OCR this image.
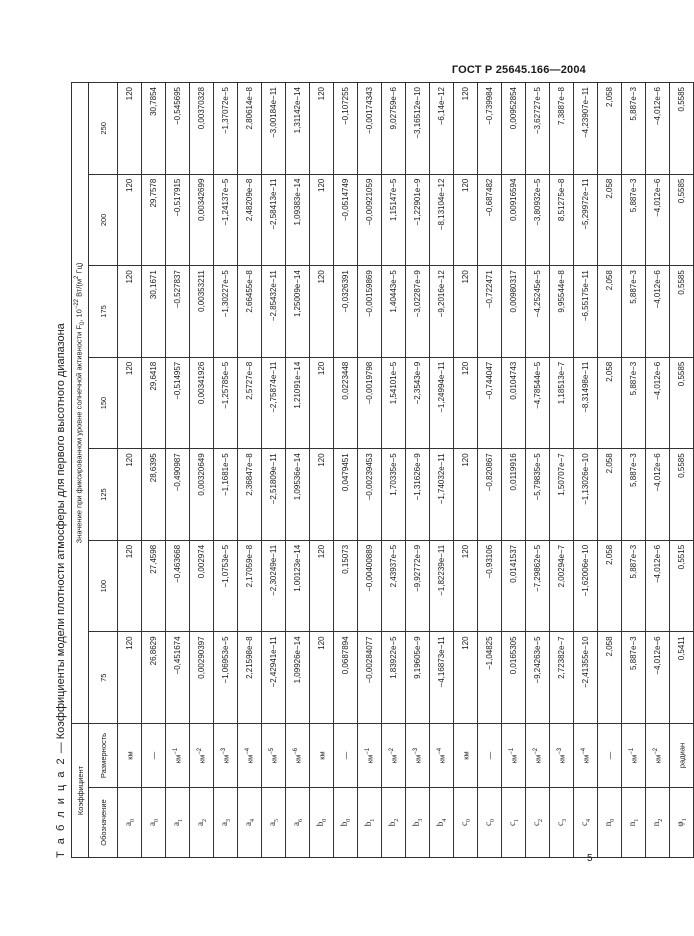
ГОСТ Р 25645.166—2004
Т а б л и ц а 2 — Коэффициенты модели плотности атмосферы для первого высотного диапазона
Коэффициент		Значение при фиксированном уровне солнечной активности $F_0$, $10^{-22}$ $Вт/(м^2$ Гц)						
Обозначение	Размерность							
		75	100	125	150	175	200	250
$a_0$	км	120	120	120	120	120	120	120
$a_0$	—	26,8629	27,4598	28,6395	29,6418	30,1671	29,7578	30,7854
$a_1$	$км^{-1}$	−0,451674	−0,463668	−0,490987	−0,514957	−0,527837	−0,517915	−0,545695
$a_2$	$км^{-2}$	0,00290397	0,002974	0,00320649	0,00341926	0,00353211	0,00342699	0,00370328
$a_3$	$км^{-3}$	−1,06953e−5	−1,0753e−5	−1,1681e−5	−1,25785e−5	−1,30227e−5	−1,24137e−5	−1,37072e−5
$a_4$	$км^{-4}$	2,21598e−8	2,17059e−8	2,36847e−8	2,5727e−8	2,66455e−8	2,48209e−8	2,80614e−8
$a_5$	$км^{-5}$	−2,42941e−11	−2,30249e−11	−2,51809e−11	−2,75874e−11	−2,85432e−11	−2,58413e−11	−3,00184e−11
$a_6$	$км^{-6}$	1,09926e−14	1,00123e−14	1,09536e−14	1,21091e−14	1,25009e−14	1,09383e−14	1,31142e−14
$b_0$	км	120	120	120	120	120	120	120
$b_0$	—	0,0687894	0,15073	0,0479451	0,0223448	−0,0326391	−0,0514749	−0,107255
$b_1$	$км^{-1}$	−0,00284077	−0,00400889	−0,00239453	−0,0019798	−0,00159869	−0,00921059	−0,00174343
$b_2$	$км^{-2}$	1,83922e−5	2,43937e−5	1,70335e−5	1,54101e−5	1,40443e−5	1,15147e−5	9,02759e−6
$b_3$	$км^{-3}$	9,19605e−9	−9,92772e−9	−1,31626e−9	−2,3543e−9	−3,02287e−9	−1,22901e−9	−3,16512e−10
$b_4$	$км^{-4}$	−4,16873e−11	−1,82239e−11	−1,74032e−11	−1,24994e−11	−9,2016e−12	−8,13104e−12	−6,14e−12
$c_0$	км	120	120	120	120	120	120	120
$c_0$	—	−1,04825	−0,93106	−0,820867	−0,744047	−0,722471	−0,687482	−0,739984
$c_1$	$км^{-1}$	0,0165305	0,0141537	0,0119916	0,0104743	0,00980317	0,00916594	0,00952854
$c_2$	$км^{-2}$	−9,24263e−5	−7,29862e−5	−5,79835e−5	−4,78544e−5	−4,25245e−5	−3,80932e−5	−3,62727e−5
$c_3$	$км^{-3}$	2,72382e−7	2,00294e−7	1,50707e−7	1,18513e−7	9,95544e−8	8,51275e−8	7,3887e−8
$c_4$	$км^{-4}$	−2,41355e−10	−1,62006e−10	−1,13026e−10	−8,31498e−11	−6,55175e−11	−5,29972e−11	−4,23907e−11
$n_0$	—	2,058	2,058	2,058	2,058	2,058	2,058	2,058
$n_1$	$км^{-1}$	5,887e−3	5,887e−3	5,887e−3	5,887e−3	5,887e−3	5,887e−3	5,887e−3
$n_2$	$км^{-2}$	−4,012e−6	−4,012e−6	−4,012e−6	−4,012e−6	−4,012e−6	−4,012e−6	−4,012e−6
$\varphi_1$	радиан	0,5411	0,5515	0,5585	0,5585	0,5585	0,5585	0,5585
5
